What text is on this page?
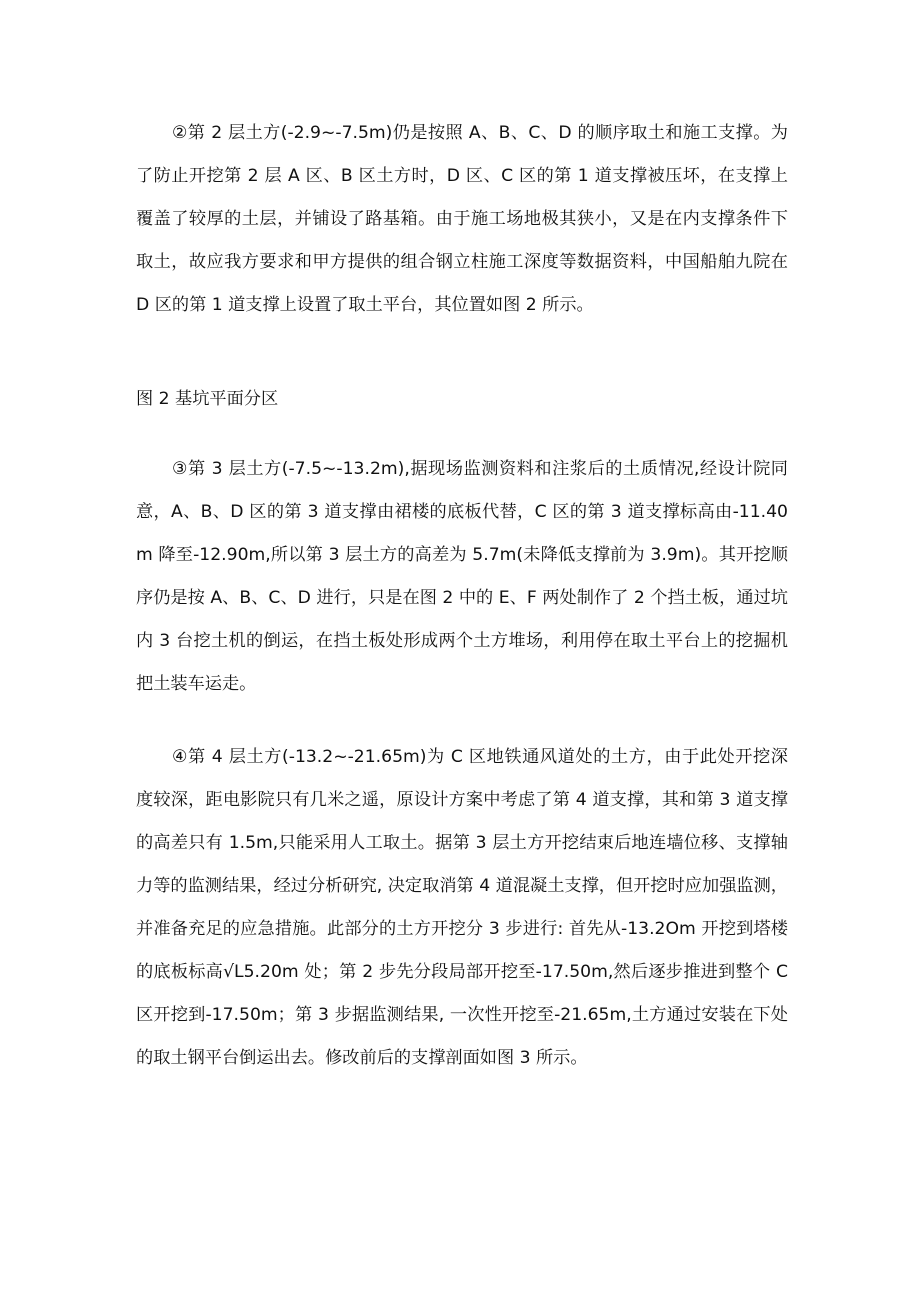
②第 2 层土方(-2.9~-7.5m)仍是按照 A、B、C、D 的顺序取土和施工支撑。为了防止开挖第 2 层 A 区、B 区土方时，D 区、C 区的第 1 道支撑被压坏，在支撑上覆盖了较厚的土层，并铺设了路基箱。由于施工场地极其狭小，又是在内支撑条件下取土，故应我方要求和甲方提供的组合钢立柱施工深度等数据资料，中国船舶九院在 D 区的第 1 道支撑上设置了取土平台，其位置如图 2 所示。

图 2 基坑平面分区

③第 3 层土方(-7.5~-13.2m),据现场监测资料和注浆后的土质情况,经设计院同意，A、B、D 区的第 3 道支撑由裙楼的底板代替，C 区的第 3 道支撑标高由-11.40m 降至-12.90m,所以第 3 层土方的高差为 5.7m(未降低支撑前为 3.9m)。其开挖顺序仍是按 A、B、C、D 进行，只是在图 2 中的 E、F 两处制作了 2 个挡土板，通过坑内 3 台挖土机的倒运，在挡土板处形成两个土方堆场，利用停在取土平台上的挖掘机把土装车运走。

④第 4 层土方(-13.2~-21.65m)为 C 区地铁通风道处的土方，由于此处开挖深度较深，距电影院只有几米之遥，原设计方案中考虑了第 4 道支撑，其和第 3 道支撑的高差只有 1.5m,只能采用人工取土。据第 3 层土方开挖结束后地连墙位移、支撑轴力等的监测结果，经过分析研究, 决定取消第 4 道混凝土支撑，但开挖时应加强监测，并准备充足的应急措施。此部分的土方开挖分 3 步进行: 首先从-13.2Om 开挖到塔楼的底板标高√L5.20m 处；第 2 步先分段局部开挖至-17.50m,然后逐步推进到整个 C 区开挖到-17.50m；第 3 步据监测结果, 一次性开挖至-21.65m,土方通过安装在下处的取土钢平台倒运出去。修改前后的支撑剖面如图 3 所示。
